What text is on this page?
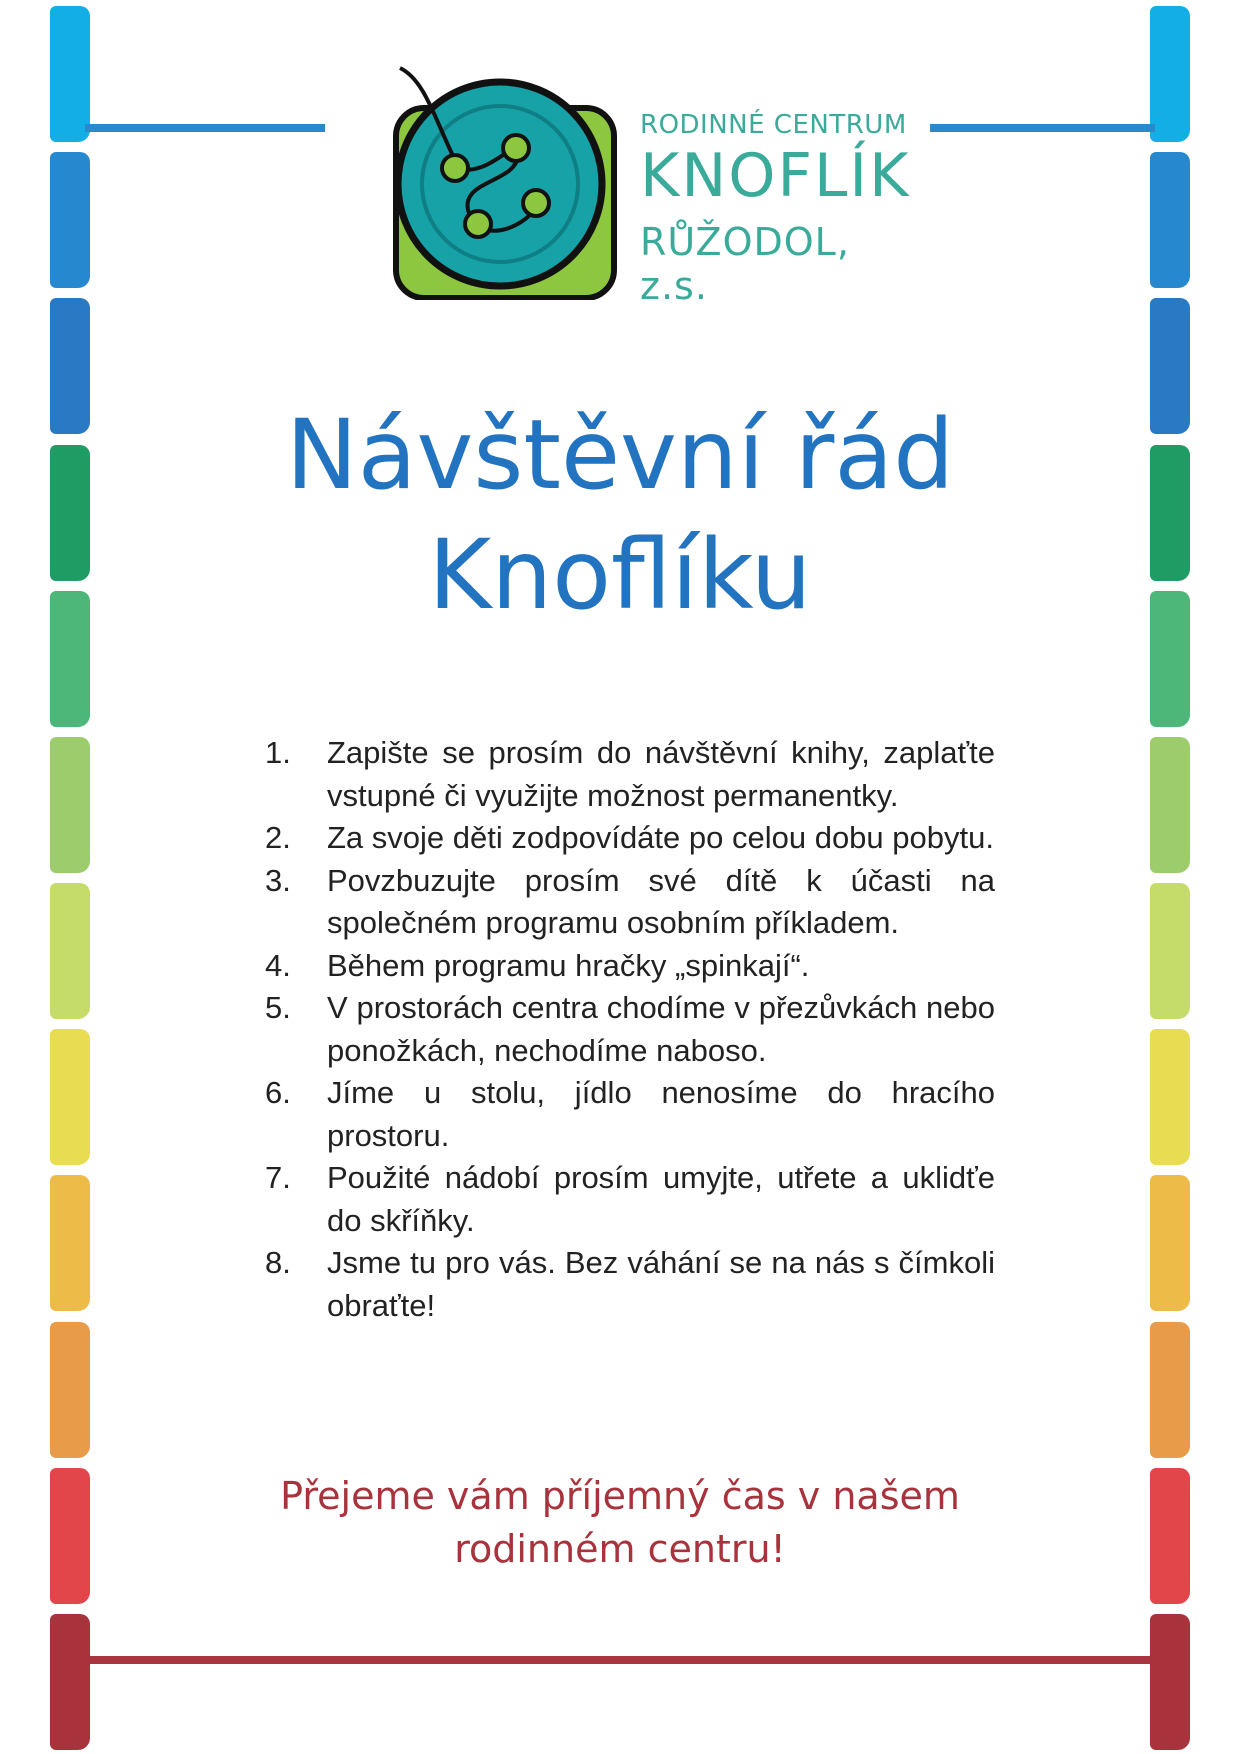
RODINNÉ CENTRUM
KNOFLÍK
RŮŽODOL, z.s.
Návštěvní řád
Knoflíku
1.	Zapište se prosím do návštěvní knihy, zaplaťte vstupné či využijte možnost permanentky.
2.	Za svoje děti zodpovídáte po celou dobu pobytu.
3.	Povzbuzujte prosím své dítě k účasti na společném programu osobním příkladem.
4.	Během programu hračky „spinkají“.
5.	V prostorách centra chodíme v přezůvkách nebo ponožkách, nechodíme naboso.
6.	Jíme u stolu, jídlo nenosíme do hracího prostoru.
7.	Použité nádobí prosím umyjte, utřete a uklidťe do skříňky.
8.	Jsme tu pro vás. Bez váhání se na nás s čímkoli obraťte!
Přejeme vám příjemný čas v našem
rodinném centru!
